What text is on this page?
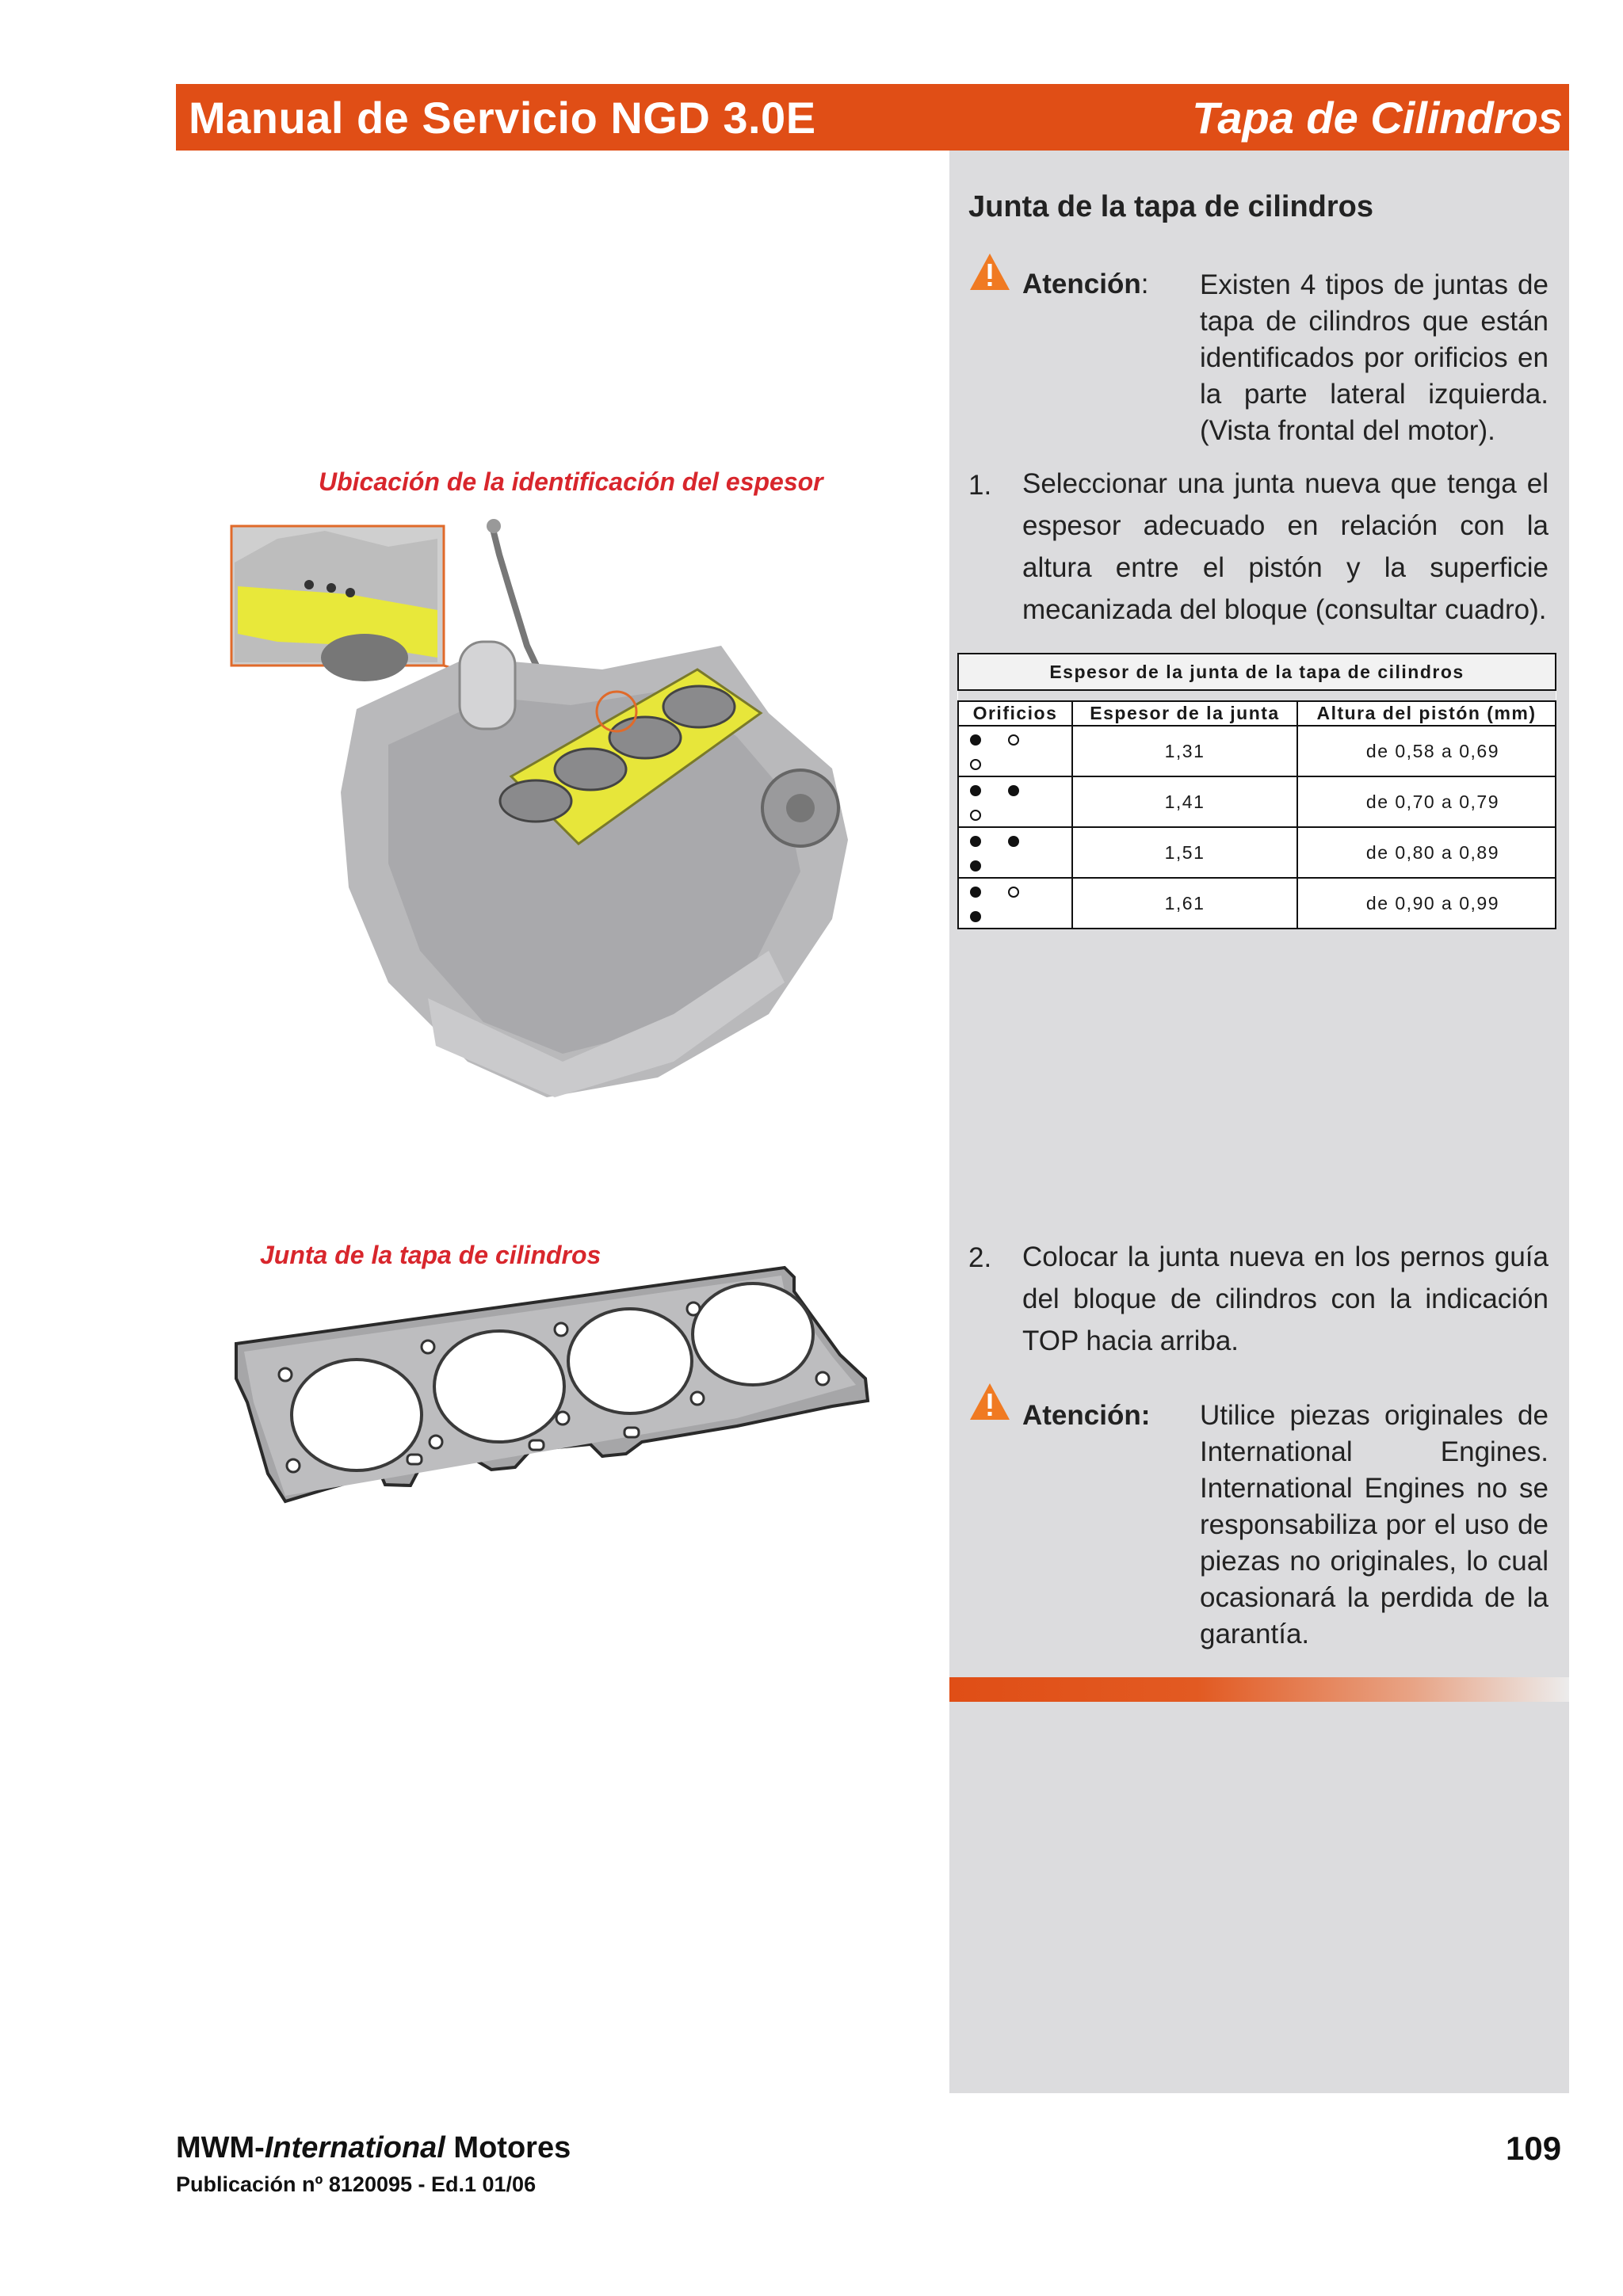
Manual de Servicio NGD 3.0E	Tapa de Cilindros
Junta de la tapa de cilindros
Atención: Existen 4 tipos de juntas de tapa de cilindros que están identificados por orificios en la parte lateral izquierda. (Vista frontal del motor).
1. Seleccionar una junta nueva que tenga el espesor adecuado en relación con la altura entre el pistón y la superficie mecanizada del bloque (consultar cuadro).
Espesor de la junta de la tapa de cilindros		

Orificios	Espesor de la junta	Altura del pistón (mm)
	1,31	de 0,58 a 0,69
	1,41	de 0,70 a 0,79
	1,51	de 0,80 a 0,89
	1,61	de 0,90 a 0,99
2. Colocar la junta nueva en los pernos guía del bloque de cilindros con la indicación TOP hacia arriba.
Atención: Utilice piezas originales de International Engines. International Engines no se responsabiliza por el uso de piezas no originales, lo cual ocasionará la perdida de la garantía.
Ubicación de la identificación del espesor
Junta de la tapa de cilindros
MWM-International Motores
Publicación nº 8120095 - Ed.1 01/06
109
